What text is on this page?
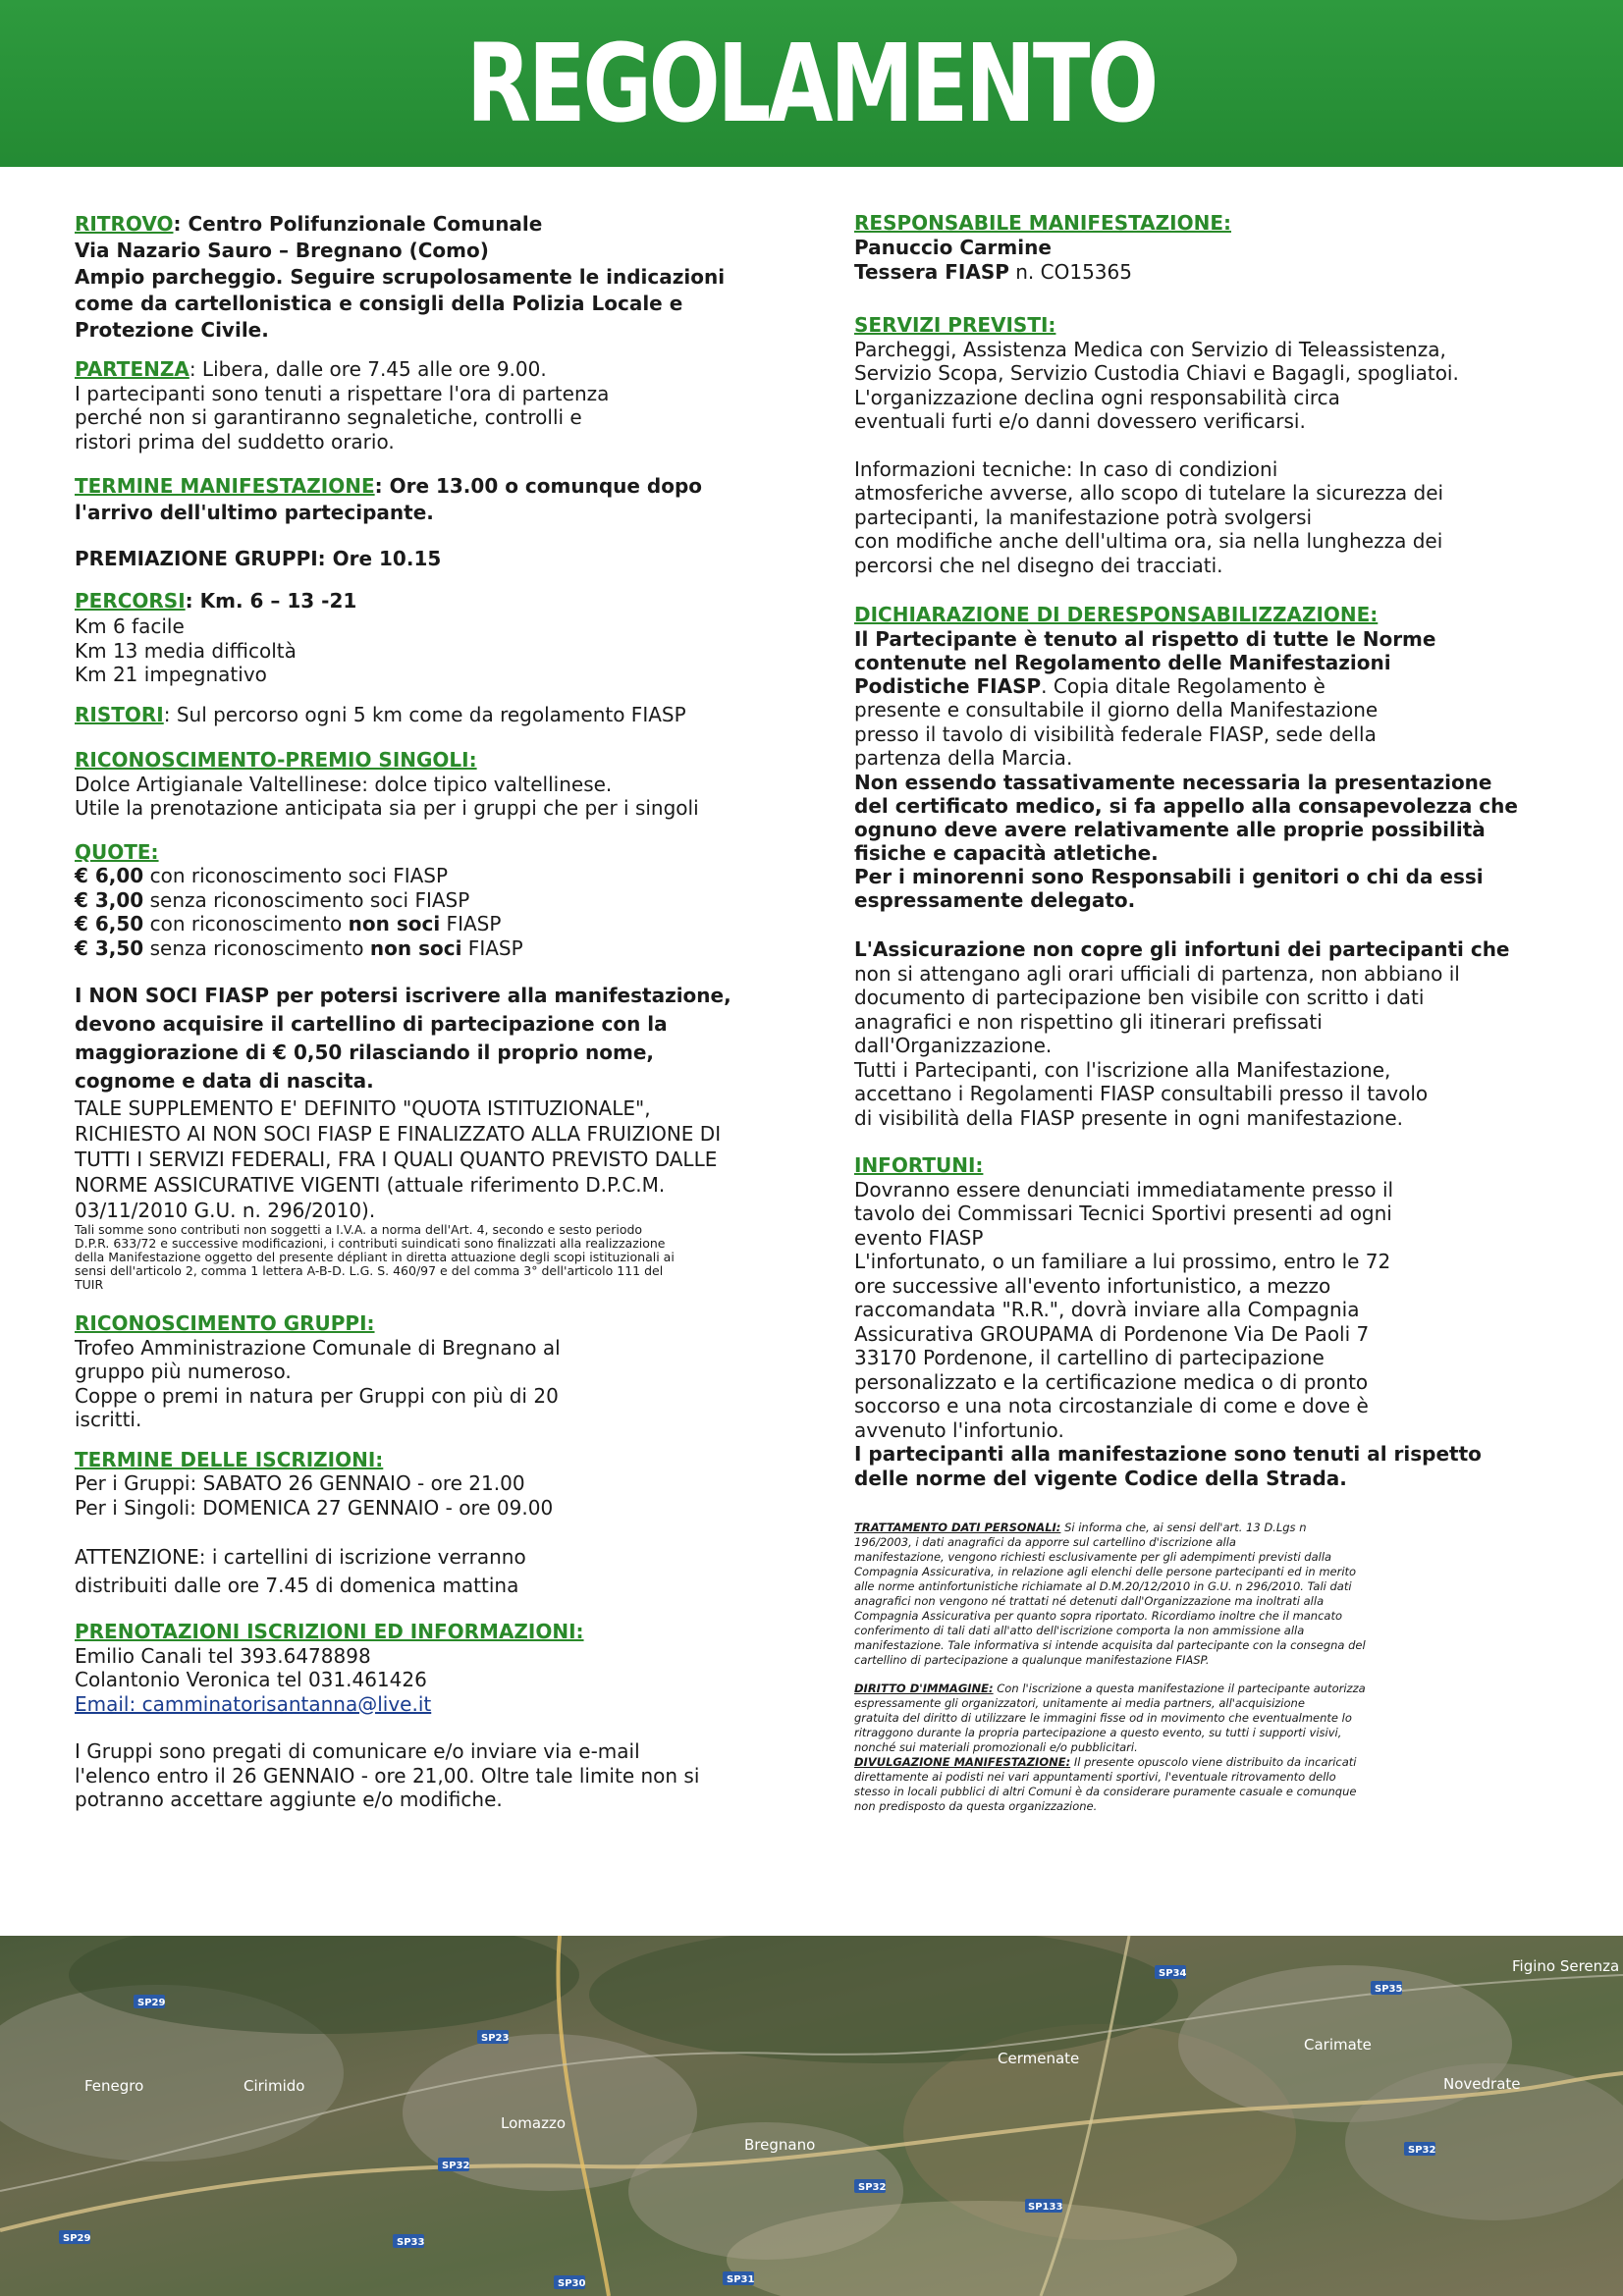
REGOLAMENTO

RITROVO: Centro Polifunzionale Comunale

Via Nazario Sauro – Bregnano (Como)

Ampio parcheggio. Seguire scrupolosamente le indicazioni

come da cartellonistica e consigli della Polizia Locale e

Protezione Civile.

PARTENZA: Libera, dalle ore 7.45 alle ore 9.00.

I partecipanti sono tenuti a rispettare l'ora di partenza

perché non si garantiranno segnaletiche, controlli e

ristori prima del suddetto orario.

TERMINE MANIFESTAZIONE: Ore 13.00 o comunque dopo

l'arrivo dell'ultimo partecipante.

PREMIAZIONE GRUPPI: Ore 10.15

PERCORSI: Km. 6 – 13 -21

Km 6 facile

Km 13 media difficoltà

Km 21 impegnativo

RISTORI: Sul percorso ogni 5 km come da regolamento FIASP

RICONOSCIMENTO-PREMIO SINGOLI:

Dolce Artigianale Valtellinese: dolce tipico valtellinese.

Utile la prenotazione anticipata sia per i gruppi che per i singoli

QUOTE:

€ 6,00 con riconoscimento soci FIASP

€ 3,00 senza riconoscimento soci FIASP

€ 6,50 con riconoscimento non soci FIASP

€ 3,50 senza riconoscimento non soci FIASP

I NON SOCI FIASP per potersi iscrivere alla manifestazione,

devono acquisire il cartellino di partecipazione con la

maggiorazione di € 0,50 rilasciando il proprio nome,

cognome e data di nascita.

TALE SUPPLEMENTO E' DEFINITO "QUOTA ISTITUZIONALE",

RICHIESTO AI NON SOCI FIASP E FINALIZZATO ALLA FRUIZIONE DI

TUTTI I SERVIZI FEDERALI, FRA I QUALI QUANTO PREVISTO DALLE

NORME ASSICURATIVE VIGENTI (attuale riferimento D.P.C.M.

03/11/2010 G.U. n. 296/2010).

Tali somme sono contributi non soggetti a I.V.A. a norma dell'Art. 4, secondo e sesto periodo

D.P.R. 633/72 e successive modificazioni, i contributi suindicati sono finalizzati alla realizzazione

della Manifestazione oggetto del presente dépliant in diretta attuazione degli scopi istituzionali ai

sensi dell'articolo 2, comma 1 lettera A-B-D. L.G. S. 460/97 e del comma 3° dell'articolo 111 del

TUIR

RICONOSCIMENTO GRUPPI:

Trofeo Amministrazione Comunale di Bregnano al

gruppo più numeroso.

Coppe o premi in natura per Gruppi con più di 20

iscritti.

TERMINE DELLE ISCRIZIONI:

Per i Gruppi: SABATO 26 GENNAIO - ore 21.00

Per i Singoli: DOMENICA 27 GENNAIO - ore 09.00

ATTENZIONE: i cartellini di iscrizione verranno

distribuiti dalle ore 7.45 di domenica mattina

PRENOTAZIONI ISCRIZIONI ED INFORMAZIONI:

Emilio Canali tel 393.6478898

Colantonio Veronica tel 031.461426

Email: camminatorisantanna@live.it

I Gruppi sono pregati di comunicare e/o inviare via e-mail

l'elenco entro il 26 GENNAIO - ore 21,00. Oltre tale limite non si

potranno accettare aggiunte e/o modifiche.

RESPONSABILE MANIFESTAZIONE:

Panuccio Carmine

Tessera FIASP n. CO15365

SERVIZI PREVISTI:

Parcheggi, Assistenza Medica con Servizio di Teleassistenza,

Servizio Scopa, Servizio Custodia Chiavi e Bagagli, spogliatoi.

L'organizzazione declina ogni responsabilità circa

eventuali furti e/o danni dovessero verificarsi.

Informazioni tecniche: In caso di condizioni

atmosferiche avverse, allo scopo di tutelare la sicurezza dei

partecipanti, la manifestazione potrà svolgersi

con modifiche anche dell'ultima ora, sia nella lunghezza dei

percorsi che nel disegno dei tracciati.

DICHIARAZIONE DI DERESPONSABILIZZAZIONE:

Il Partecipante è tenuto al rispetto di tutte le Norme

contenute nel Regolamento delle Manifestazioni

Podistiche FIASP. Copia ditale Regolamento è

presente e consultabile il giorno della Manifestazione

presso il tavolo di visibilità federale FIASP, sede della

partenza della Marcia.

Non essendo tassativamente necessaria la presentazione

del certificato medico, si fa appello alla consapevolezza che

ognuno deve avere relativamente alle proprie possibilità

fisiche e capacità atletiche.

Per i minorenni sono Responsabili i genitori o chi da essi

espressamente delegato.

L'Assicurazione non copre gli infortuni dei partecipanti che

non si attengano agli orari ufficiali di partenza, non abbiano il

documento di partecipazione ben visibile con scritto i dati

anagrafici e non rispettino gli itinerari prefissati

dall'Organizzazione.

Tutti i Partecipanti, con l'iscrizione alla Manifestazione,

accettano i Regolamenti FIASP consultabili presso il tavolo

di visibilità della FIASP presente in ogni manifestazione.

INFORTUNI:

Dovranno essere denunciati immediatamente presso il

tavolo dei Commissari Tecnici Sportivi presenti ad ogni

evento FIASP

L'infortunato, o un familiare a lui prossimo, entro le 72

ore successive all'evento infortunistico, a mezzo

raccomandata "R.R.", dovrà inviare alla Compagnia

Assicurativa GROUPAMA di Pordenone Via De Paoli 7

33170 Pordenone, il cartellino di partecipazione

personalizzato e la certificazione medica o di pronto

soccorso e una nota circostanziale di come e dove è

avvenuto l'infortunio.

I partecipanti alla manifestazione sono tenuti al rispetto

delle norme del vigente Codice della Strada.

TRATTAMENTO DATI PERSONALI: Si informa che, ai sensi dell'art. 13 D.Lgs n

196/2003, i dati anagrafici da apporre sul cartellino d'iscrizione alla

manifestazione, vengono richiesti esclusivamente per gli adempimenti previsti dalla

Compagnia Assicurativa, in relazione agli elenchi delle persone partecipanti ed in merito

alle norme antinfortunistiche richiamate al D.M.20/12/2010 in G.U. n 296/2010. Tali dati

anagrafici non vengono né trattati né detenuti dall'Organizzazione ma inoltrati alla

Compagnia Assicurativa per quanto sopra riportato. Ricordiamo inoltre che il mancato

conferimento di tali dati all'atto dell'iscrizione comporta la non ammissione alla

manifestazione. Tale informativa si intende acquisita dal partecipante con la consegna del

cartellino di partecipazione a qualunque manifestazione FIASP.

DIRITTO D'IMMAGINE: Con l'iscrizione a questa manifestazione il partecipante autorizza

espressamente gli organizzatori, unitamente ai media partners, all'acquisizione

gratuita del diritto di utilizzare le immagini fisse od in movimento che eventualmente lo

ritraggono durante la propria partecipazione a questo evento, su tutti i supporti visivi,

nonché sui materiali promozionali e/o pubblicitari.

DIVULGAZIONE MANIFESTAZIONE: Il presente opuscolo viene distribuito da incaricati

direttamente ai podisti nei vari appuntamenti sportivi, l'eventuale ritrovamento dello

stesso in locali pubblici di altri Comuni è da considerare puramente casuale e comunque

non predisposto da questa organizzazione.

Fenegro	Cirimido
Lomazzo
Bregnano
Cermenate
Carimate
Novedrate
Figino Serenza
SP29
SP23
SP32
SP33
SP30	SP31
SP133
SP34
SP35
SP32
SP29
SP32
